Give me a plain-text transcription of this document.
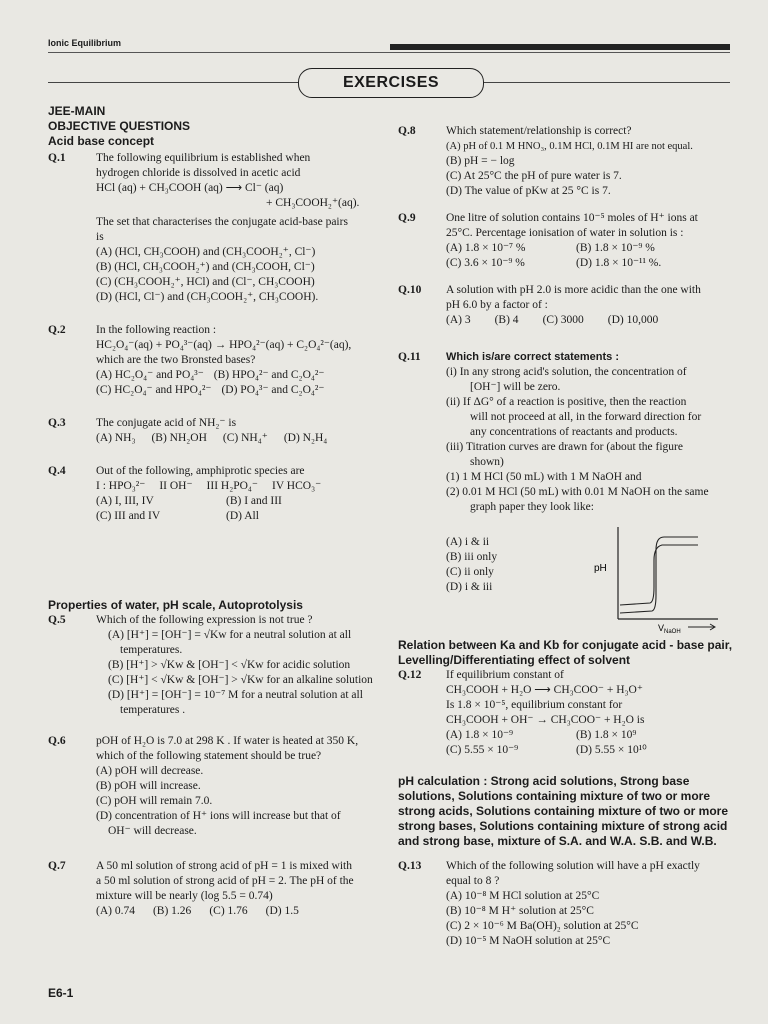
Ionic Equilibrium
EXERCISES
JEE-MAIN
OBJECTIVE QUESTIONS
Acid base concept
Q.1	The following equilibrium is established when
hydrogen chloride is dissolved in acetic acid
HCl (aq) + CH₃COOH (aq) ⟶ Cl⁻ (aq)
+ CH₃COOH₂⁺(aq).
The set that characterises the conjugate acid-base pairs
is
(A) (HCl, CH₃COOH) and (CH₃COOH₂⁺, Cl⁻)
(B) (HCl, CH₃COOH₂⁺) and (CH₃COOH, Cl⁻)
(C) (CH₃COOH₂⁺, HCl) and (Cl⁻, CH₃COOH)
(D) (HCl, Cl⁻) and (CH₃COOH₂⁺, CH₃COOH).
Q.2	In the following reaction :
HC₂O₄⁻(aq) + PO₄³⁻(aq) → HPO₄²⁻(aq) + C₂O₄²⁻(aq),
which are the two Bronsted bases?
(A) HC₂O₄⁻ and PO₄³⁻ (B) HPO₄²⁻ and C₂O₄²⁻
(C) HC₂O₄⁻ and HPO₄²⁻ (D) PO₄³⁻ and C₂O₄²⁻
Q.3	The conjugate acid of NH₂⁻ is
(A) NH₃ (B) NH₂OH (C) NH₄⁺ (D) N₂H₄
Q.4	Out of the following, amphiprotic species are
I : HPO₃²⁻ II OH⁻ III H₂PO₄⁻ IV HCO₃⁻
(A) I, III, IV	(B) I and III
(C) III and IV	(D) All
Properties of water, pH scale, Autoprotolysis
Q.5	Which of the following expression is not true ?
(A) [H⁺] = [OH⁻] = √Kw for a neutral solution at all
temperatures.
(B) [H⁺] > √Kw & [OH⁻] < √Kw for acidic solution
(C) [H⁺] < √Kw & [OH⁻] > √Kw for an alkaline solution
(D) [H⁺] = [OH⁻] = 10⁻⁷ M for a neutral solution at all
temperatures .
Q.6	pOH of H₂O is 7.0 at 298 K . If water is heated at 350 K,
which of the following statement should be true?
(A) pOH will decrease.
(B) pOH will increase.
(C) pOH will remain 7.0.
(D) concentration of H⁺ ions will increase but that of
OH⁻ will decrease.
Q.7	A 50 ml solution of strong acid of pH = 1 is mixed with
a 50 ml solution of strong acid of pH = 2. The pH of the
mixture will be nearly (log 5.5 = 0.74)
(A) 0.74 (B) 1.26 (C) 1.76 (D) 1.5
Q.8	Which statement/relationship is correct?
(A) pH of 0.1 M HNO₃, 0.1M HCl, 0.1M HI are not equal.
(B) pH = − log
(C) At 25°C the pH of pure water is 7.
(D) The value of pKw at 25 °C is 7.
Q.9	One litre of solution contains 10⁻⁵ moles of H⁺ ions at
25°C. Percentage ionisation of water in solution is :
(A) 1.8 × 10⁻⁷ %	(B) 1.8 × 10⁻⁹ %
(C) 3.6 × 10⁻⁹ %	(D) 1.8 × 10⁻¹¹ %.
Q.10 A solution with pH 2.0 is more acidic than the one with
pH 6.0 by a factor of :
(A) 3 (B) 4 (C) 3000 (D) 10,000
Q.11 Which is/are correct statements :
(i) In any strong acid's solution, the concentration of
[OH⁻] will be zero.
(ii) If ΔG° of a reaction is positive, then the reaction
will not proceed at all, in the forward direction for
any concentrations of reactants and products.
(iii) Titration curves are drawn for (about the figure
shown)
(1) 1 M HCl (50 mL) with 1 M NaOH and
(2) 0.01 M HCl (50 mL) with 0.01 M NaOH on the same
graph paper they look like:
(A) i & ii
(B) iii only
(C) ii only
(D) i & iii
pH
$V_{NaOH}$
Relation between Ka and Kb for conjugate acid - base pair, Levelling/Differentiating effect of solvent
Q.12 If equilibrium constant of
CH₃COOH + H₂O ⟶ CH₃COO⁻ + H₃O⁺
Is 1.8 × 10⁻⁵, equilibrium constant for
CH₃COOH + OH⁻ → CH₃COO⁻ + H₂O is
(A) 1.8 × 10⁻⁹	(B) 1.8 × 10⁹
(C) 5.55 × 10⁻⁹	(D) 5.55 × 10¹⁰
pH calculation : Strong acid solutions, Strong base solutions, Solutions containing mixture of two or more strong acids, Solutions containing mixture of two or more strong bases, Solutions containing mixture of strong acid and strong base, mixture of S.A. and W.A. S.B. and W.B.
Q.13 Which of the following solution will have a pH exactly
equal to 8 ?
(A) 10⁻⁸ M HCl solution at 25°C
(B) 10⁻⁸ M H⁺ solution at 25°C
(C) 2 × 10⁻⁶ M Ba(OH)₂ solution at 25°C
(D) 10⁻⁵ M NaOH solution at 25°C
E6-1
